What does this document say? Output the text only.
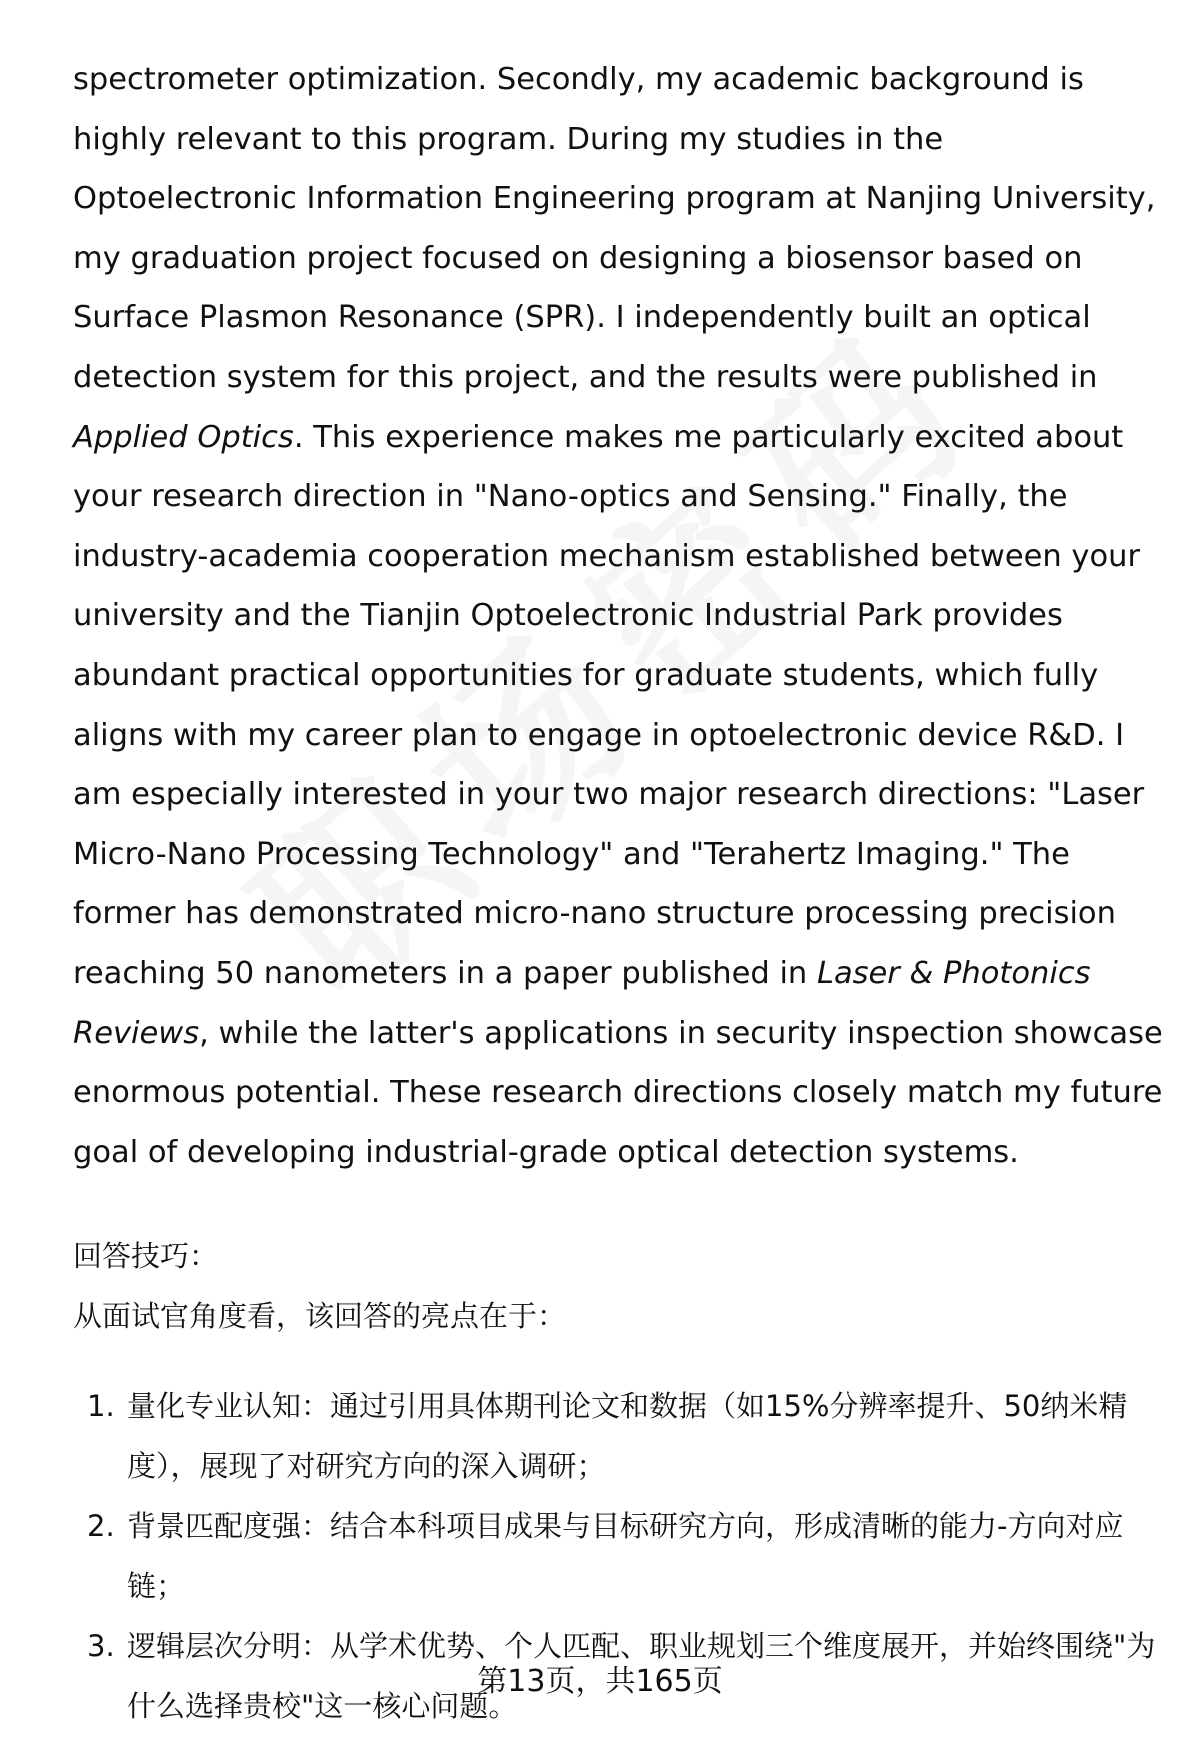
spectrometer optimization. Secondly, my academic background is highly relevant to this program. During my studies in the Optoelectronic Information Engineering program at Nanjing University, my graduation project focused on designing a biosensor based on Surface Plasmon Resonance (SPR). I independently built an optical detection system for this project, and the results were published in Applied Optics. This experience makes me particularly excited about your research direction in "Nano-optics and Sensing." Finally, the industry-academia cooperation mechanism established between your university and the Tianjin Optoelectronic Industrial Park provides abundant practical opportunities for graduate students, which fully aligns with my career plan to engage in optoelectronic device R&D. I am especially interested in your two major research directions: "Laser Micro-Nano Processing Technology" and "Terahertz Imaging." The former has demonstrated micro-nano structure processing precision reaching 50 nanometers in a paper published in Laser & Photonics Reviews, while the latter's applications in security inspection showcase enormous potential. These research directions closely match my future goal of developing industrial-grade optical detection systems.

回答技巧：

从面试官角度看，该回答的亮点在于：

1. 量化专业认知：通过引用具体期刊论文和数据（如15%分辨率提升、50纳米精度），展现了对研究方向的深入调研；
2. 背景匹配度强：结合本科项目成果与目标研究方向，形成清晰的能力-方向对应链；
3. 逻辑层次分明：从学术优势、个人匹配、职业规划三个维度展开，并始终围绕"为什么选择贵校"这一核心问题。
第13页，共165页
